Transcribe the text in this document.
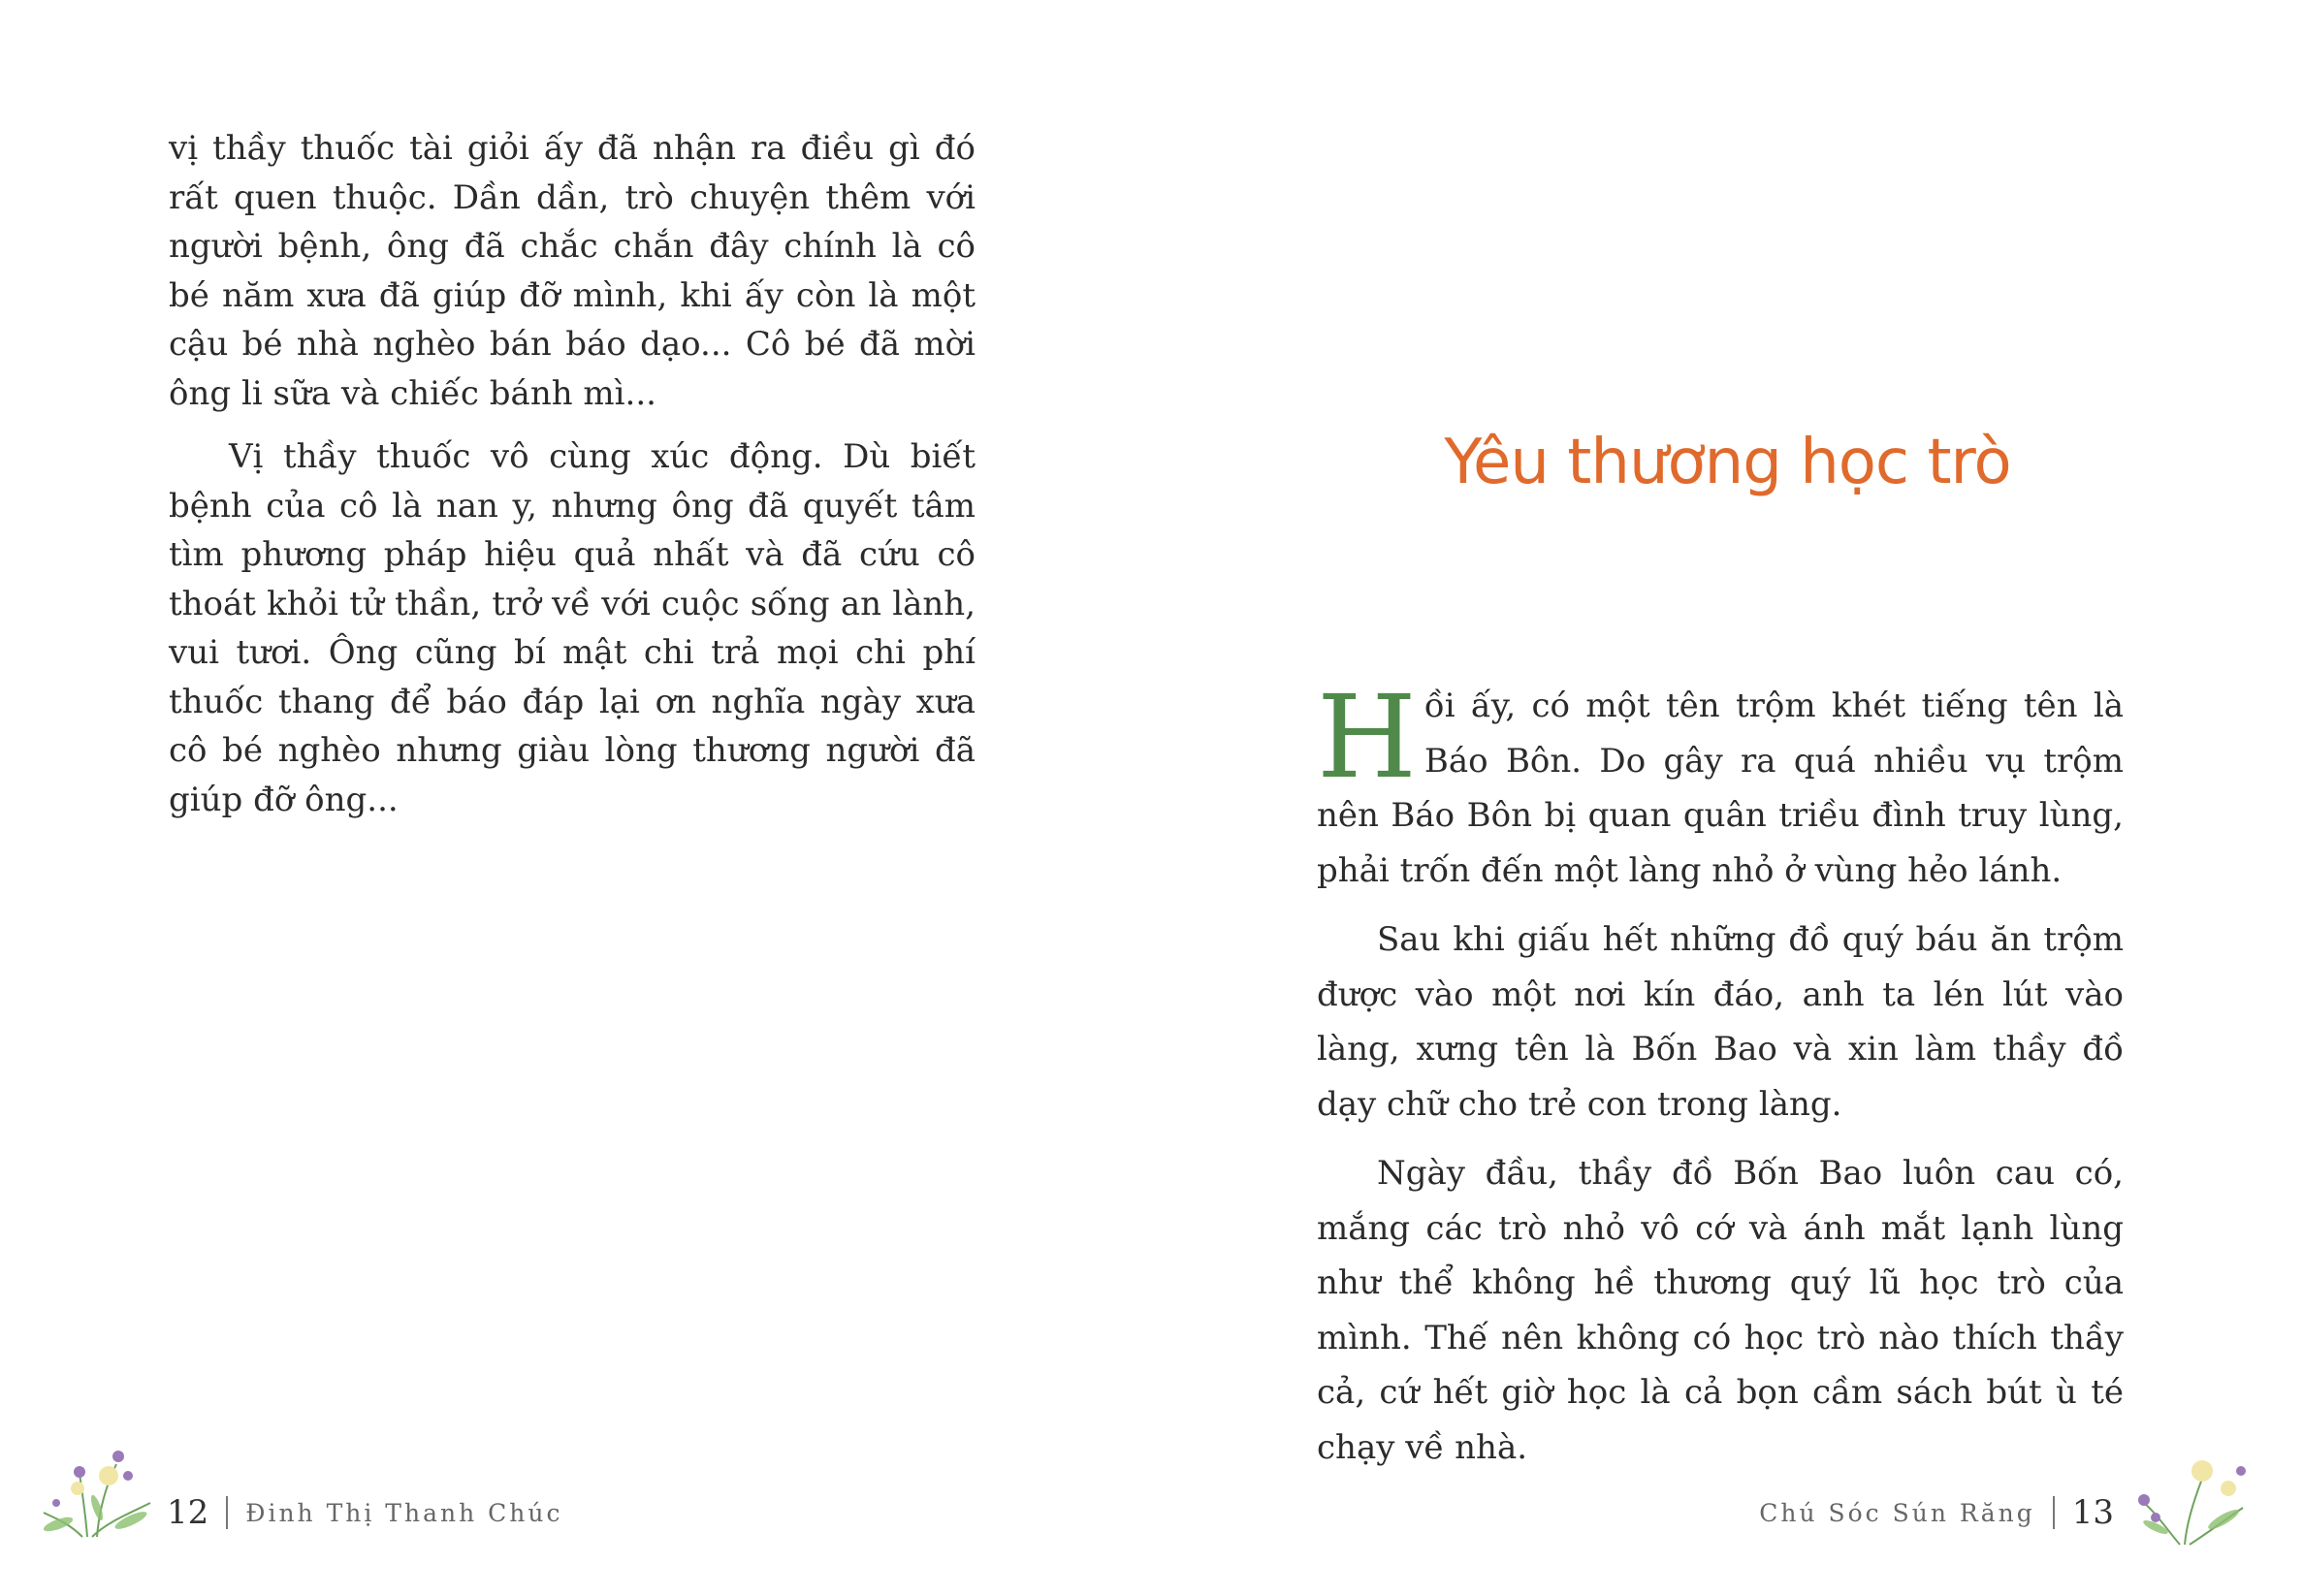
vị thầy thuốc tài giỏi ấy đã nhận ra điều gì đó rất quen thuộc. Dần dần, trò chuyện thêm với người bệnh, ông đã chắc chắn đây chính là cô bé năm xưa đã giúp đỡ mình, khi ấy còn là một cậu bé nhà nghèo bán báo dạo... Cô bé đã mời ông li sữa và chiếc bánh mì...

Vị thầy thuốc vô cùng xúc động. Dù biết bệnh của cô là nan y, nhưng ông đã quyết tâm tìm phương pháp hiệu quả nhất và đã cứu cô thoát khỏi tử thần, trở về với cuộc sống an lành, vui tươi. Ông cũng bí mật chi trả mọi chi phí thuốc thang để báo đáp lại ơn nghĩa ngày xưa cô bé nghèo nhưng giàu lòng thương người đã giúp đỡ ông...

12 Đinh Thị Thanh Chúc
Yêu thương học trò

Hồi ấy, có một tên trộm khét tiếng tên là Báo Bôn. Do gây ra quá nhiều vụ trộm nên Báo Bôn bị quan quân triều đình truy lùng, phải trốn đến một làng nhỏ ở vùng hẻo lánh.

Sau khi giấu hết những đồ quý báu ăn trộm được vào một nơi kín đáo, anh ta lén lút vào làng, xưng tên là Bốn Bao và xin làm thầy đồ dạy chữ cho trẻ con trong làng.

Ngày đầu, thầy đồ Bốn Bao luôn cau có, mắng các trò nhỏ vô cớ và ánh mắt lạnh lùng như thể không hề thương quý lũ học trò của mình. Thế nên không có học trò nào thích thầy cả, cứ hết giờ học là cả bọn cầm sách bút ù té chạy về nhà.

Chú Sóc Sún Răng 13
